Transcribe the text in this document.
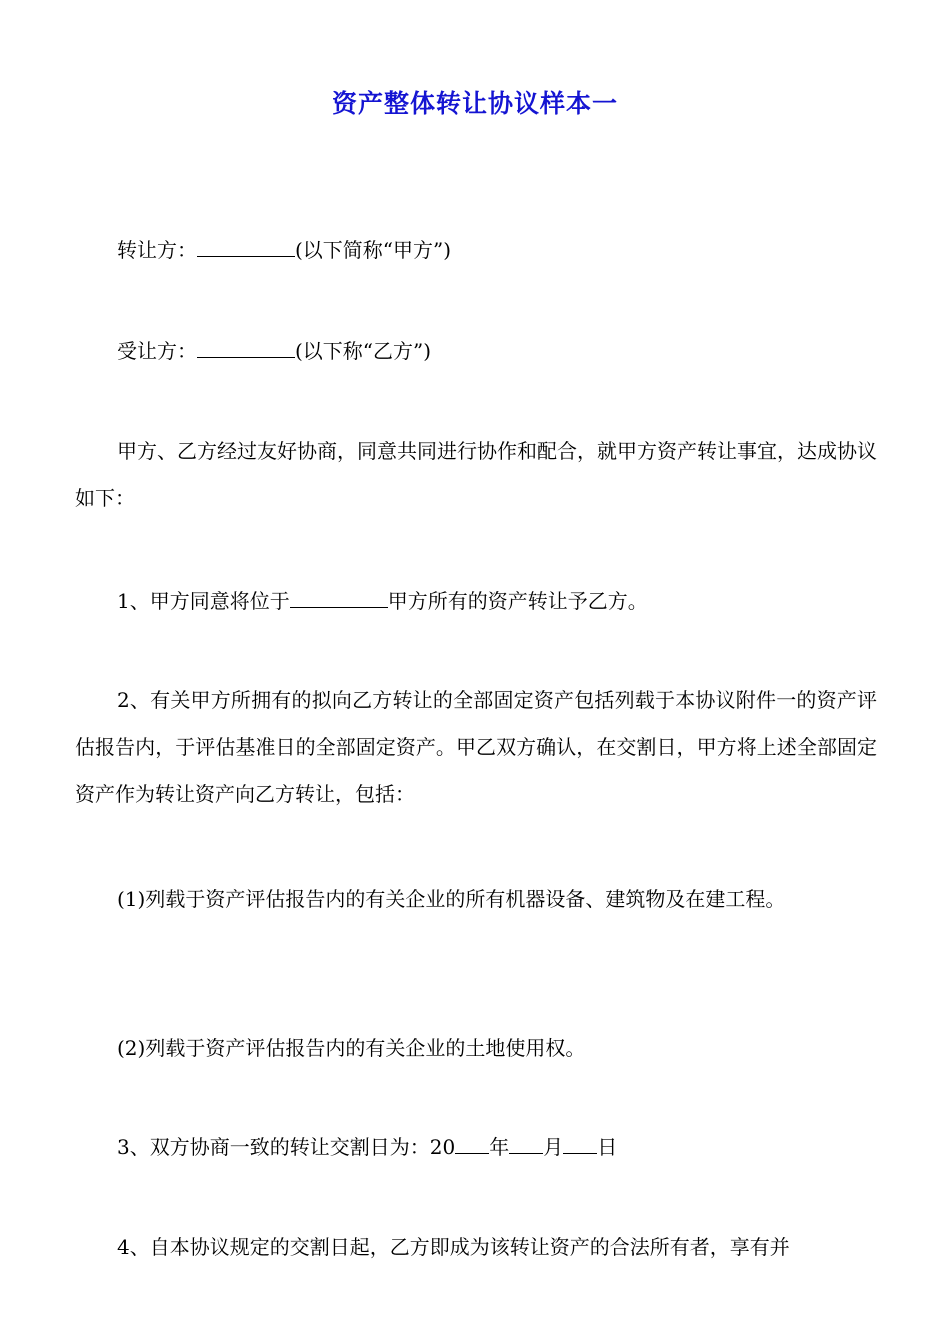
资产整体转让协议样本一

转让方：	(以下简称“甲方”)

受让方：	(以下称“乙方”)

甲方、乙方经过友好协商，同意共同进行协作和配合，就甲方资产转让事宜，达成协议如下：

1、甲方同意将位于	甲方所有的资产转让予乙方。

2、有关甲方所拥有的拟向乙方转让的全部固定资产包括列载于本协议附件一的资产评估报告内，于评估基准日的全部固定资产。甲乙双方确认，在交割日，甲方将上述全部固定资产作为转让资产向乙方转让，包括：

(1)列载于资产评估报告内的有关企业的所有机器设备、建筑物及在建工程。

(2)列载于资产评估报告内的有关企业的土地使用权。

3、双方协商一致的转让交割日为：20 年 月 日

4、自本协议规定的交割日起，乙方即成为该转让资产的合法所有者，享有并
